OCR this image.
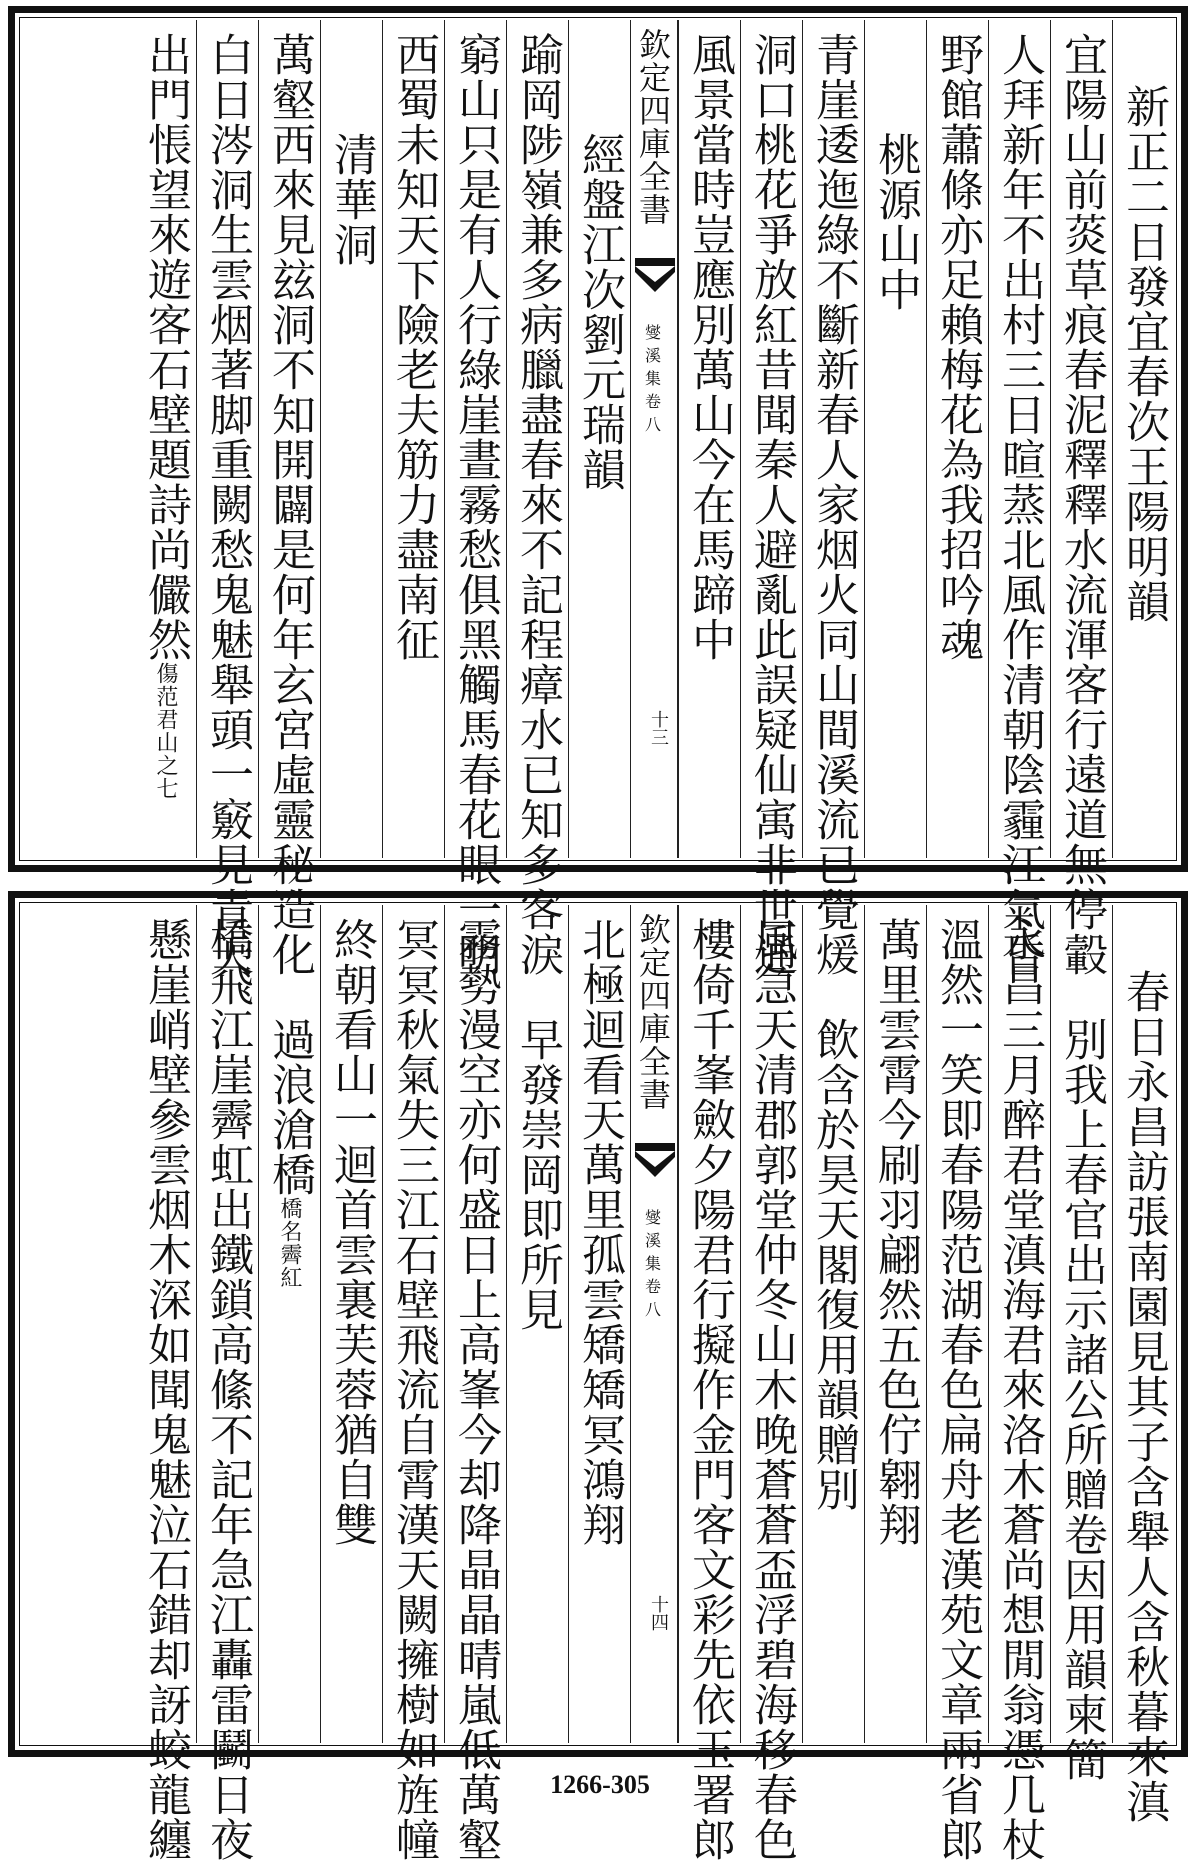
新正二日發宜春次王陽明韻
宜陽山前菼草痕春泥釋釋水流渾客行遠道無停轂
人拜新年不出村三日暄蒸北風作清朝陰霾江氣昏
野館蕭條亦足賴梅花為我招吟魂
桃源山中
青崖逶迤綠不斷新春人家烟火同山間溪流已覺煖
洞口桃花爭放紅昔聞秦人避亂此誤疑仙㝢非世通
風景當時豈應別萬山今在馬蹄中
欽定四庫全書
燮溪集 卷八
十三
經盤江次劉元瑞韻
踰岡陟嶺兼多病臘盡春來不記程瘴水已知多客淚
窮山只是有人行綠崖晝霧愁俱黑觸馬春花眼一明
西蜀未知天下險老夫筋力盡南征
清華洞
萬壑西來見玆洞不知開闢是何年玄宮虛靈秘造化
白日涔洞生雲烟著脚重闕愁鬼魅舉頭一竅見青天
出門悵望來遊客石壁題詩尚儼然傷范君山之七
春日永昌訪張南園見其子含舉人含秋暮來滇
別我上春官出示諸公所贈卷因用韻柬簡
永昌三月醉君堂滇海君來洛木蒼尚想閒翁憑几杖
溫然一笑即春陽范湖春色扁舟老漢苑文章兩省郎
萬里雲霄今刷羽翩然五色佇翱翔
飲含於昊天閣復用韻贈別
風急天清郡郭堂仲冬山木晚蒼蒼盃浮碧海移春色
樓倚千峯斂夕陽君行擬作金門客文彩先依玉署郎
欽定四庫全書
燮溪集 卷八
十四
北極迴看天萬里孤雲矯矯冥鴻翔
早發崇岡即所見
霧勢漫空亦何盛日上高峯今却降晶晶晴嵐低萬壑
冥冥秋氣失三江石壁飛流自霄漢天闕擁樹如旌幢
終朝看山一迴首雲裏芙蓉猶自雙
過浪滄橋橋名霽紅
橋飛江崖霽虹出鐵鎖高絛不記年急江轟雷鬬日夜
懸崖峭壁參雲烟木深如聞鬼魅泣石錯却訝蛟龍纏	1266-305
